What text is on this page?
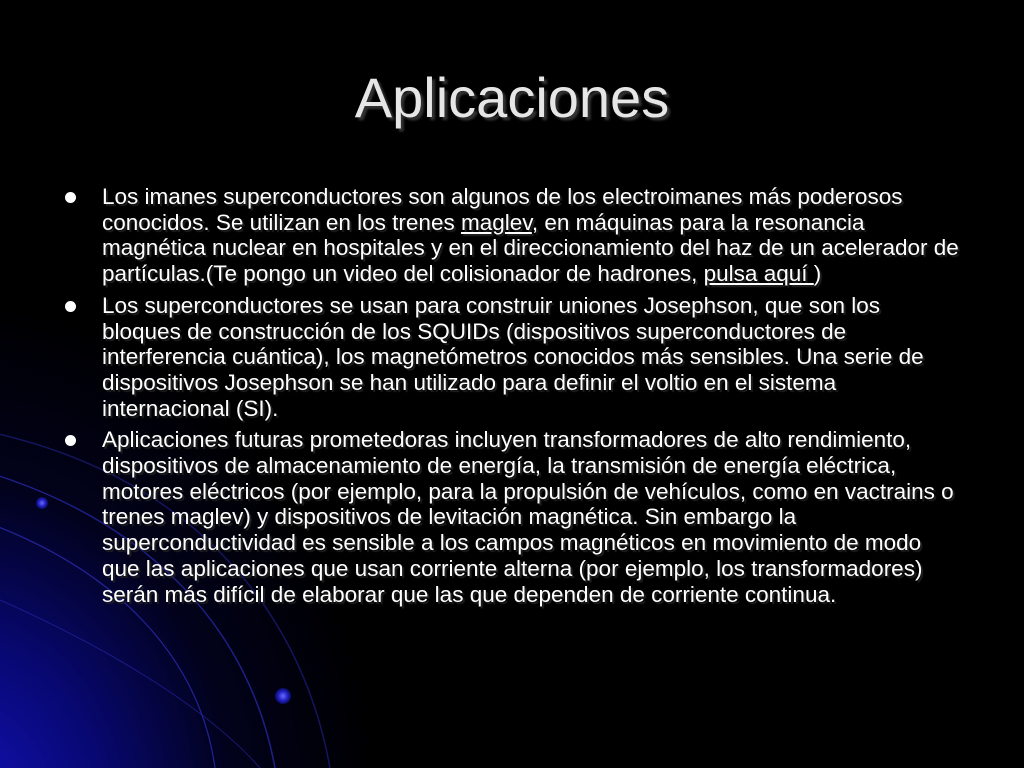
Aplicaciones
Los imanes superconductores son algunos de los electroimanes más poderosos conocidos. Se utilizan en los trenes maglev, en máquinas para la resonancia magnética nuclear en hospitales y en el direccionamiento del haz de un acelerador de partículas.(Te pongo un video del colisionador de hadrones, pulsa aquí )
Los superconductores se usan para construir uniones Josephson, que son los bloques de construcción de los SQUIDs (dispositivos superconductores de interferencia cuántica), los magnetómetros conocidos más sensibles. Una serie de dispositivos Josephson se han utilizado para definir el voltio en el sistema internacional (SI).
Aplicaciones futuras prometedoras incluyen transformadores de alto rendimiento, dispositivos de almacenamiento de energía, la transmisión de energía eléctrica, motores eléctricos (por ejemplo, para la propulsión de vehículos, como en vactrains o trenes maglev) y dispositivos de levitación magnética. Sin embargo la superconductividad es sensible a los campos magnéticos en movimiento de modo que las aplicaciones que usan corriente alterna (por ejemplo, los transformadores) serán más difícil de elaborar que las que dependen de corriente continua.
